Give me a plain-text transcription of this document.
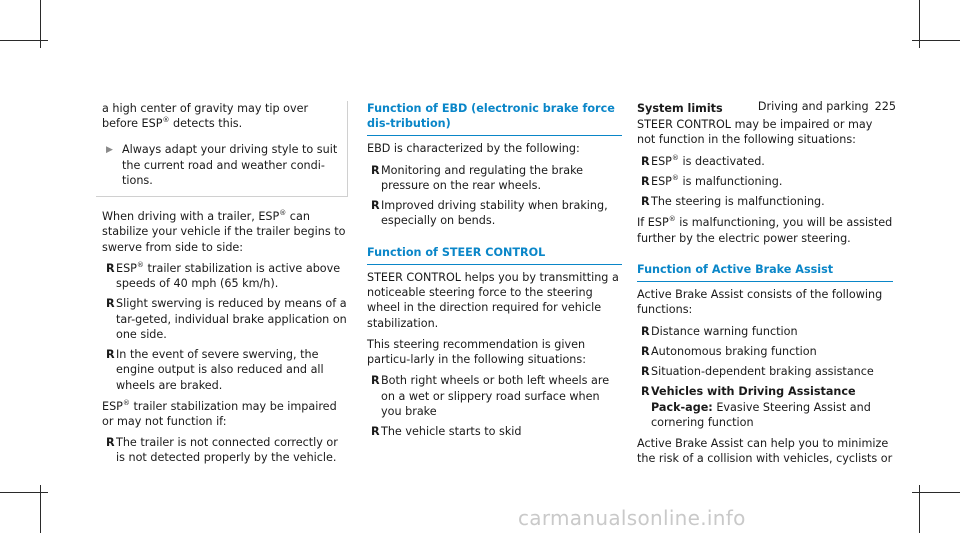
Driving and parking 225

a high center of gravity may tip over before ESP® detects this.

▶ Always adapt your driving style to suit the current road and weather condi-tions.

When driving with a trailer, ESP® can stabilize your vehicle if the trailer begins to swerve from side to side:

R ESP® trailer stabilization is active above speeds of 40 mph (65 km/h).
R Slight swerving is reduced by means of a tar-geted, individual brake application on one side.
R In the event of severe swerving, the engine output is also reduced and all wheels are braked.

ESP® trailer stabilization may be impaired or may not function if:

R The trailer is not connected correctly or is not detected properly by the vehicle.
Function of EBD (electronic brake force dis-tribution)

EBD is characterized by the following:

R Monitoring and regulating the brake pressure on the rear wheels.
R Improved driving stability when braking, especially on bends.
Function of STEER CONTROL

STEER CONTROL helps you by transmitting a noticeable steering force to the steering wheel in the direction required for vehicle stabilization.

This steering recommendation is given particu-larly in the following situations:

R Both right wheels or both left wheels are on a wet or slippery road surface when you brake
R The vehicle starts to skid
System limits

STEER CONTROL may be impaired or may not function in the following situations:

R ESP® is deactivated.
R ESP® is malfunctioning.
R The steering is malfunctioning.

If ESP® is malfunctioning, you will be assisted further by the electric power steering.

Function of Active Brake Assist

Active Brake Assist consists of the following functions:

R Distance warning function
R Autonomous braking function
R Situation-dependent braking assistance
R Vehicles with Driving Assistance Pack-age: Evasive Steering Assist and cornering function

Active Brake Assist can help you to minimize the risk of a collision with vehicles, cyclists or

carmanualsonline.info
